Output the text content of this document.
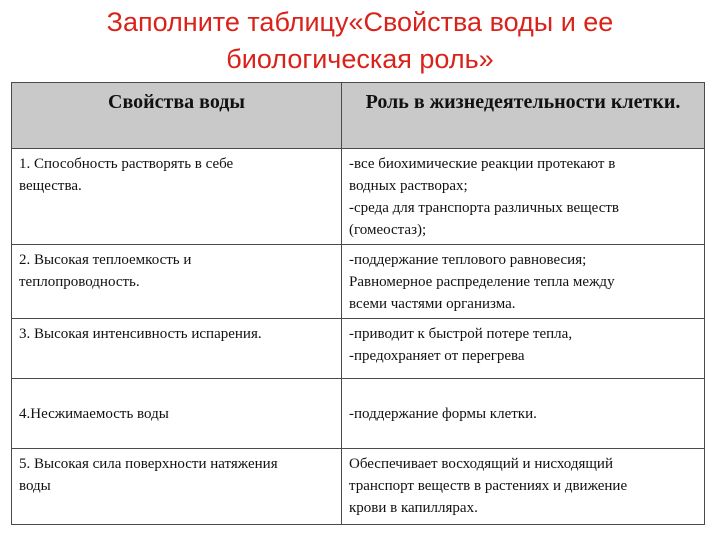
Заполните таблицу«Свойства воды и ее
биологическая роль»
Свойства воды	Роль в жизнедеятельности клетки.

1. Способность растворять в себе
вещества.	-все биохимические реакции протекают в
водных растворах;
-среда для транспорта различных веществ
(гомеостаз);

2. Высокая теплоемкость и
теплопроводность.	-поддержание теплового равновесия;
Равномерное распределение тепла между
всеми частями организма.

3. Высокая интенсивность испарения.	-приводит к быстрой потере тепла,
-предохраняет от перегрева

4.Несжимаемость воды	-поддержание формы клетки.

5. Высокая сила поверхности натяжения
воды	Обеспечивает восходящий и нисходящий
транспорт веществ в растениях и движение
крови в капиллярах.
